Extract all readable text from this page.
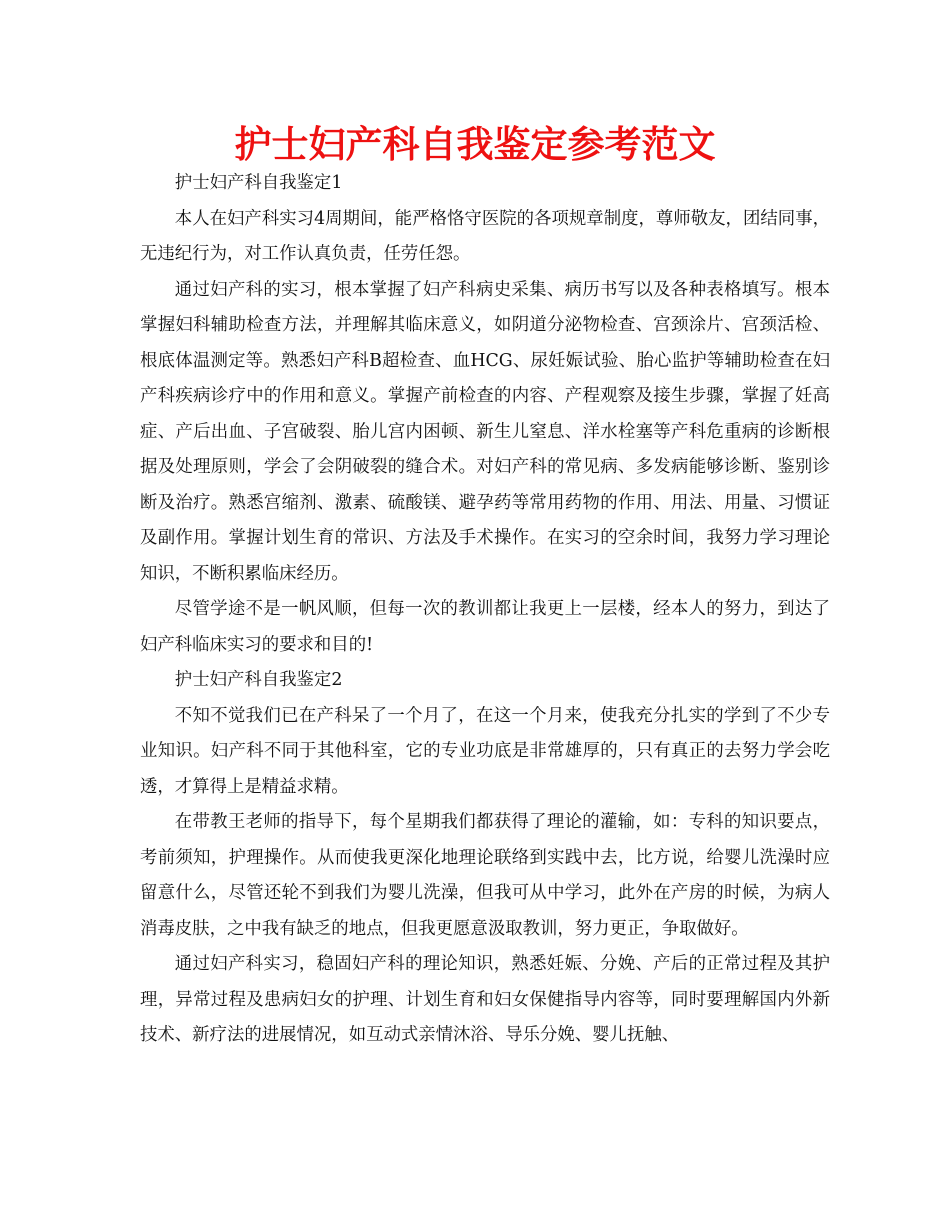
护士妇产科自我鉴定参考范文

护士妇产科自我鉴定1

本人在妇产科实习4周期间，能严格恪守医院的各项规章制度，尊师敬友，团结同事，无违纪行为，对工作认真负责，任劳任怨。

通过妇产科的实习，根本掌握了妇产科病史采集、病历书写以及各种表格填写。根本掌握妇科辅助检查方法，并理解其临床意义，如阴道分泌物检查、宫颈涂片、宫颈活检、根底体温测定等。熟悉妇产科B超检查、血HCG、尿妊娠试验、胎心监护等辅助检查在妇产科疾病诊疗中的作用和意义。掌握产前检查的内容、产程观察及接生步骤，掌握了妊高症、产后出血、子宫破裂、胎儿宫内困顿、新生儿窒息、洋水栓塞等产科危重病的诊断根据及处理原则，学会了会阴破裂的缝合术。对妇产科的常见病、多发病能够诊断、鉴别诊断及治疗。熟悉宫缩剂、激素、硫酸镁、避孕药等常用药物的作用、用法、用量、习惯证及副作用。掌握计划生育的常识、方法及手术操作。在实习的空余时间，我努力学习理论知识，不断积累临床经历。

尽管学途不是一帆风顺，但每一次的教训都让我更上一层楼，经本人的努力，到达了妇产科临床实习的要求和目的!

护士妇产科自我鉴定2

不知不觉我们已在产科呆了一个月了，在这一个月来，使我充分扎实的学到了不少专业知识。妇产科不同于其他科室，它的专业功底是非常雄厚的，只有真正的去努力学会吃透，才算得上是精益求精。

在带教王老师的指导下，每个星期我们都获得了理论的灌输，如：专科的知识要点，考前须知，护理操作。从而使我更深化地理论联络到实践中去，比方说，给婴儿洗澡时应留意什么，尽管还轮不到我们为婴儿洗澡，但我可从中学习，此外在产房的时候，为病人消毒皮肤，之中我有缺乏的地点，但我更愿意汲取教训，努力更正，争取做好。

通过妇产科实习，稳固妇产科的理论知识，熟悉妊娠、分娩、产后的正常过程及其护理，异常过程及患病妇女的护理、计划生育和妇女保健指导内容等，同时要理解国内外新技术、新疗法的进展情况，如互动式亲情沐浴、导乐分娩、婴儿抚触、
